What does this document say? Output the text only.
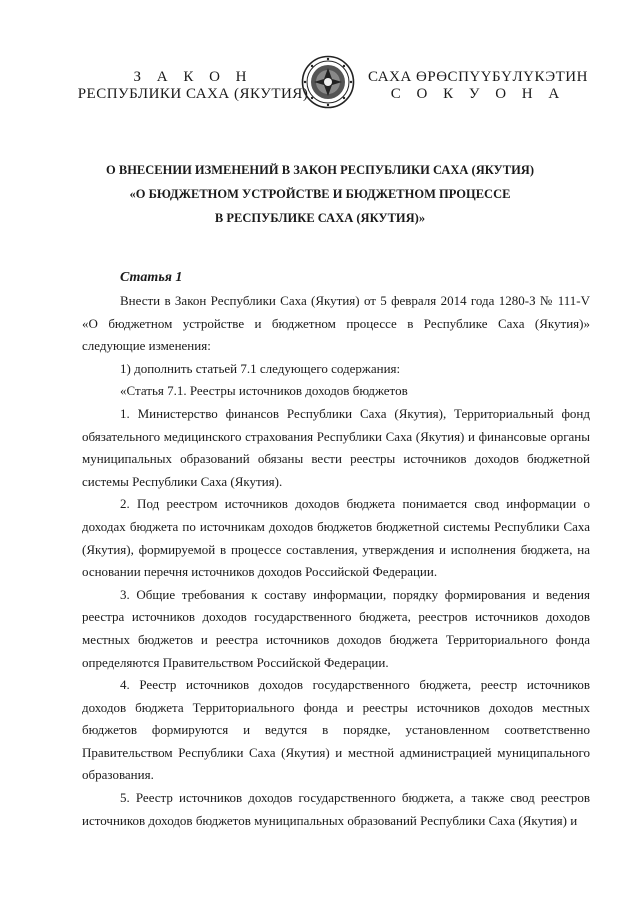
З А К О Н
РЕСПУБЛИКИ САХА (ЯКУТИЯ)
САХА ӨРӨСПҮҮБҮЛҮКЭТИН
С О К У О Н А
О ВНЕСЕНИИ ИЗМЕНЕНИЙ В ЗАКОН РЕСПУБЛИКИ САХА (ЯКУТИЯ)
«О БЮДЖЕТНОМ УСТРОЙСТВЕ И БЮДЖЕТНОМ ПРОЦЕССЕ
В РЕСПУБЛИКЕ САХА (ЯКУТИЯ)»
Статья 1

Внести в Закон Республики Саха (Якутия) от 5 февраля 2014 года 1280-З № 111-V «О бюджетном устройстве и бюджетном процессе в Республике Саха (Якутия)» следующие изменения:

1) дополнить статьей 7.1 следующего содержания:

«Статья 7.1. Реестры источников доходов бюджетов

1. Министерство финансов Республики Саха (Якутия), Территориальный фонд обязательного медицинского страхования Республики Саха (Якутия) и финансовые органы муниципальных образований обязаны вести реестры источников доходов бюджетной системы Республики Саха (Якутия).

2. Под реестром источников доходов бюджета понимается свод информации о доходах бюджета по источникам доходов бюджетов бюджетной системы Республики Саха (Якутия), формируемой в процессе составления, утверждения и исполнения бюджета, на основании перечня источников доходов Российской Федерации.

3. Общие требования к составу информации, порядку формирования и ведения реестра источников доходов государственного бюджета, реестров источников доходов местных бюджетов и реестра источников доходов бюджета Территориального фонда определяются Правительством Российской Федерации.

4. Реестр источников доходов государственного бюджета, реестр источников доходов бюджета Территориального фонда и реестры источников доходов местных бюджетов формируются и ведутся в порядке, установленном соответственно Правительством Республики Саха (Якутия) и местной администрацией муниципального образования.

5. Реестр источников доходов государственного бюджета, а также свод реестров источников доходов бюджетов муниципальных образований Республики Саха (Якутия) и
